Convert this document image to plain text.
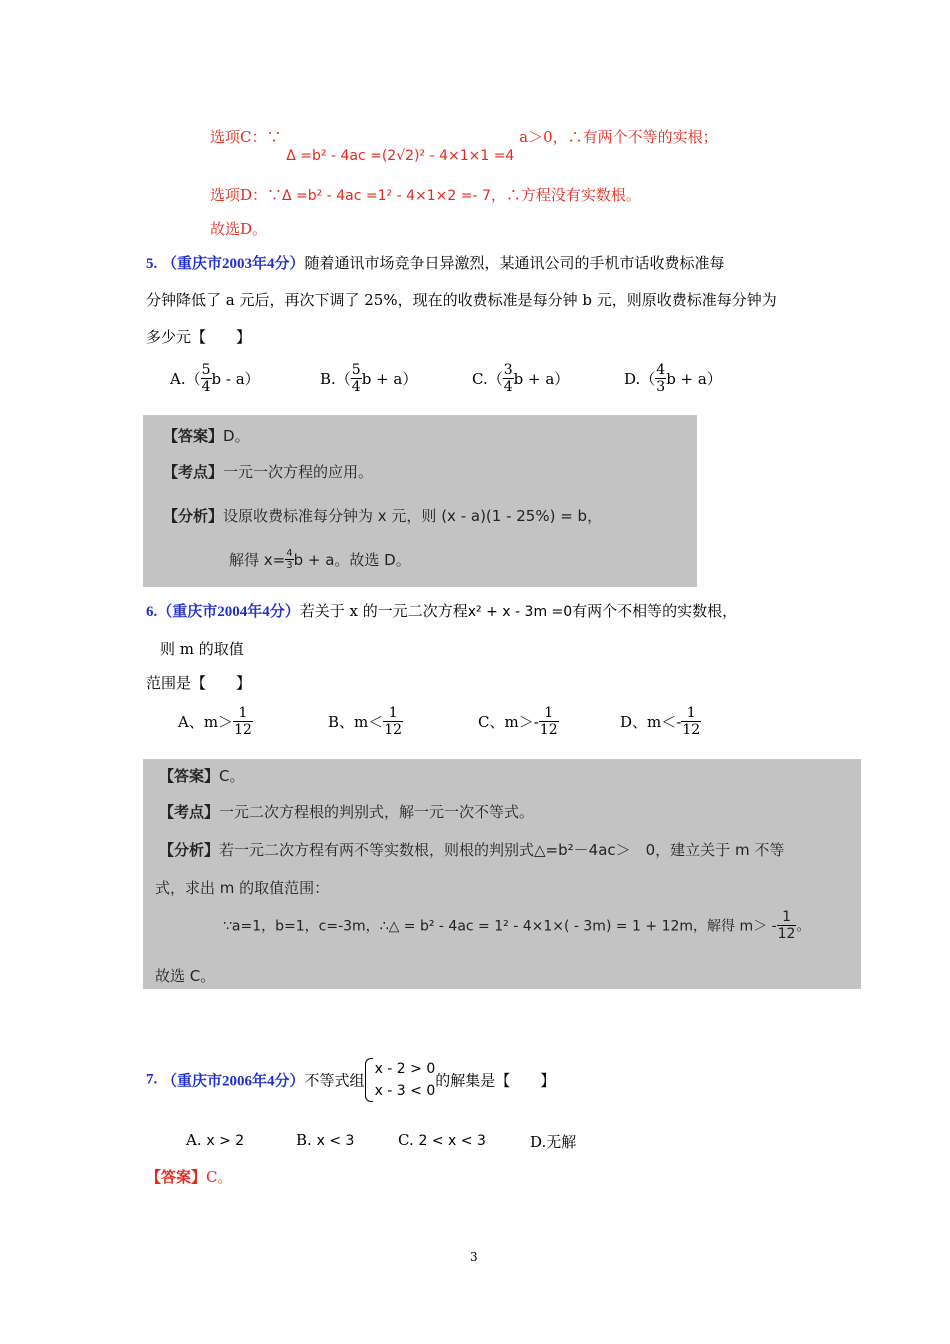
选项C：∵ Δ =b² - 4ac =(2√2)² - 4×1×1 =4 a＞0，∴有两个不等的实根；
选项D：∵Δ =b² - 4ac =1² - 4×1×2 =- 7，∴方程没有实数根。
故选D。
5. （重庆市2003年4分）随着通讯市场竞争日异激烈，某通讯公司的手机市话收费标准每
分钟降低了 a 元后，再次下调了 25%，现在的收费标准是每分钟 b 元，则原收费标准每分钟为
多少元【　　】
$A.( \frac{5}{4}$ b - a）	$B.( \frac{5}{4}$ b + a）	$C.( \frac{3}{4}$ b + a）	$D.( \frac{4}{3}$ b + a）
【答案】D。
【考点】一元一次方程的应用。
【分析】设原收费标准每分钟为 x 元，则 (x - a)(1 - 25%) = b，
解得 $x= \frac{4}{3}$ b + a。故选 D。
6.（重庆市2004年4分）若关于 x 的一元二次方程x² + x - 3m =0有两个不相等的实数根，
则 m 的取值
范围是【　　】
A、$m> \frac{1}{12}$	B、$m< \frac{1}{12}$	C、$m>- \frac{1}{12}$	D、$m<- \frac{1}{12}$
【答案】C。
【考点】一元二次方程根的判别式，解一元一次不等式。
【分析】若一元二次方程有两不等实数根，则根的判别式△=b²－4ac＞　0，建立关于 m 不等
式，求出 m 的取值范围：
∵a=1，b=1，c=-3m，∴△ = b² - 4ac = 1² - 4×1×( - 3m) = 1 + 12m，解得 $m> - \frac{1}{12}$ 。
故选 C。
7. （重庆市2006年4分）不等式组
x - 2 > 0
x - 3 < 0
的解集是【　　】
A. x > 2	B. x < 3	C. 2 < x < 3	D.无解
【答案】C。
3
